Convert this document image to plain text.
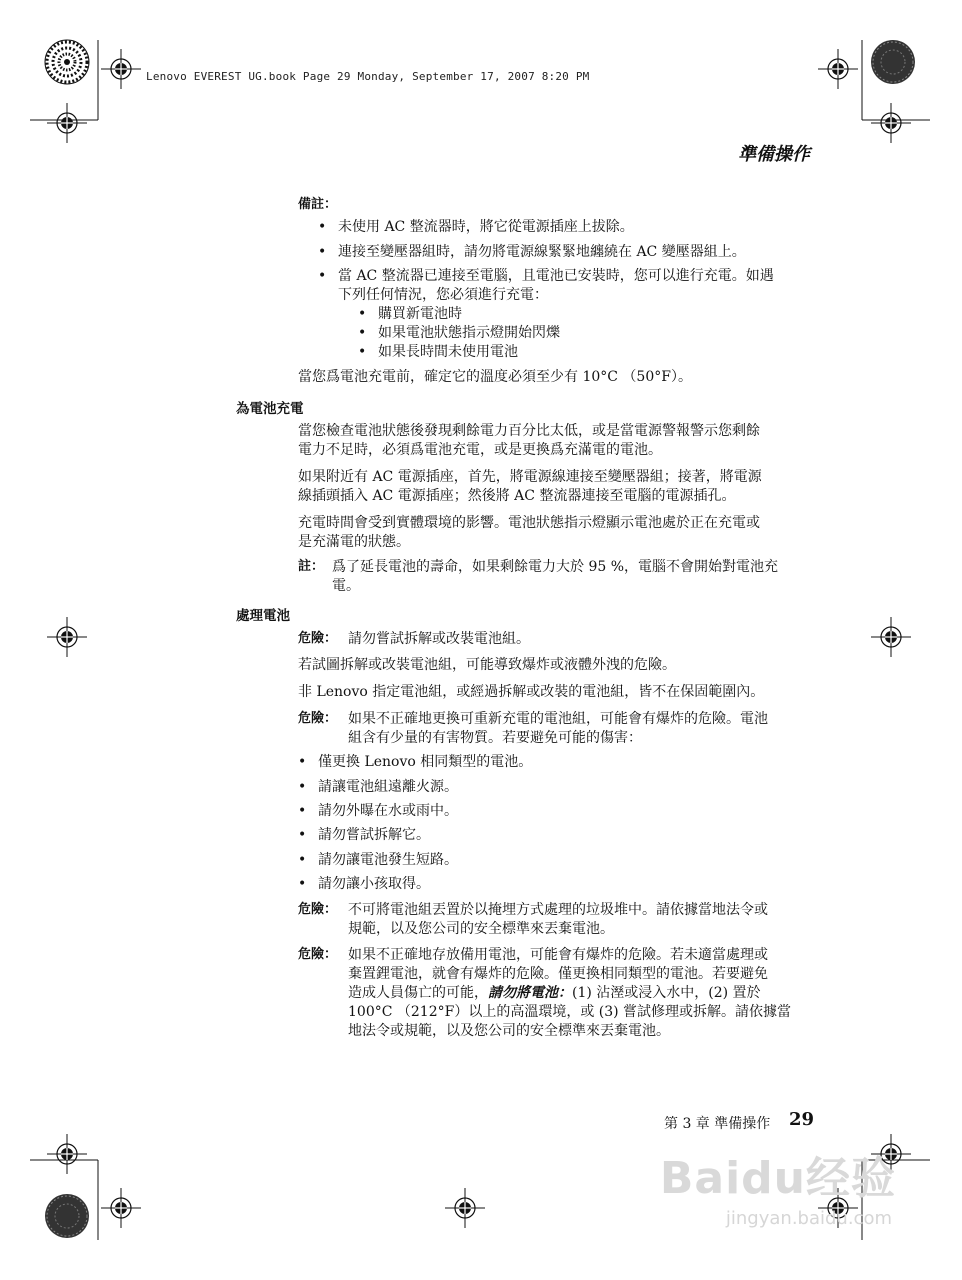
Lenovo EVEREST UG.book Page 29 Monday, September 17, 2007 8:20 PM
準備操作
備註：
• 未使用 AC 整流器時，將它從電源插座上拔除。
• 連接至變壓器組時，請勿將電源線緊緊地纏繞在 AC 變壓器組上。
• 當 AC 整流器已連接至電腦，且電池已安裝時，您可以進行充電。如遇
下列任何情況，您必須進行充電：
• 購買新電池時
• 如果電池狀態指示燈開始閃爍
• 如果長時間未使用電池
當您爲電池充電前，確定它的溫度必須至少有 10°C （50°F）。
為電池充電
當您檢查電池狀態後發現剩餘電力百分比太低，或是當電源警報警示您剩餘
電力不足時，必須爲電池充電，或是更換爲充滿電的電池。
如果附近有 AC 電源插座，首先，將電源線連接至變壓器組；接著，將電源
線插頭插入 AC 電源插座；然後將 AC 整流器連接至電腦的電源插孔。
充電時間會受到實體環境的影響。電池狀態指示燈顯示電池處於正在充電或
是充滿電的狀態。
註： 爲了延長電池的壽命，如果剩餘電力大於 95 %，電腦不會開始對電池充
電。
處理電池
危險： 請勿嘗試拆解或改裝電池組。
若試圖拆解或改裝電池組，可能導致爆炸或液體外洩的危險。
非 Lenovo 指定電池組，或經過拆解或改裝的電池組，皆不在保固範圍內。
危險： 如果不正確地更換可重新充電的電池組，可能會有爆炸的危險。電池
組含有少量的有害物質。若要避免可能的傷害：
• 僅更換 Lenovo 相同類型的電池。
• 請讓電池組遠離火源。
• 請勿外曝在水或雨中。
• 請勿嘗試拆解它。
• 請勿讓電池發生短路。
• 請勿讓小孩取得。
危險： 不可將電池組丟置於以掩埋方式處理的垃圾堆中。請依據當地法令或
規範，以及您公司的安全標準來丟棄電池。
危險： 如果不正確地存放備用電池，可能會有爆炸的危險。若未適當處理或
棄置鋰電池，就會有爆炸的危險。僅更換相同類型的電池。若要避免
造成人員傷亡的可能，請勿將電池：(1) 沾溼或浸入水中，(2) 置於
100°C （212°F）以上的高溫環境，或 (3) 嘗試修理或拆解。請依據當
地法令或規範，以及您公司的安全標準來丟棄電池。
第 3 章 準備操作 29
Baidu经验
jingyan.baidu.com
